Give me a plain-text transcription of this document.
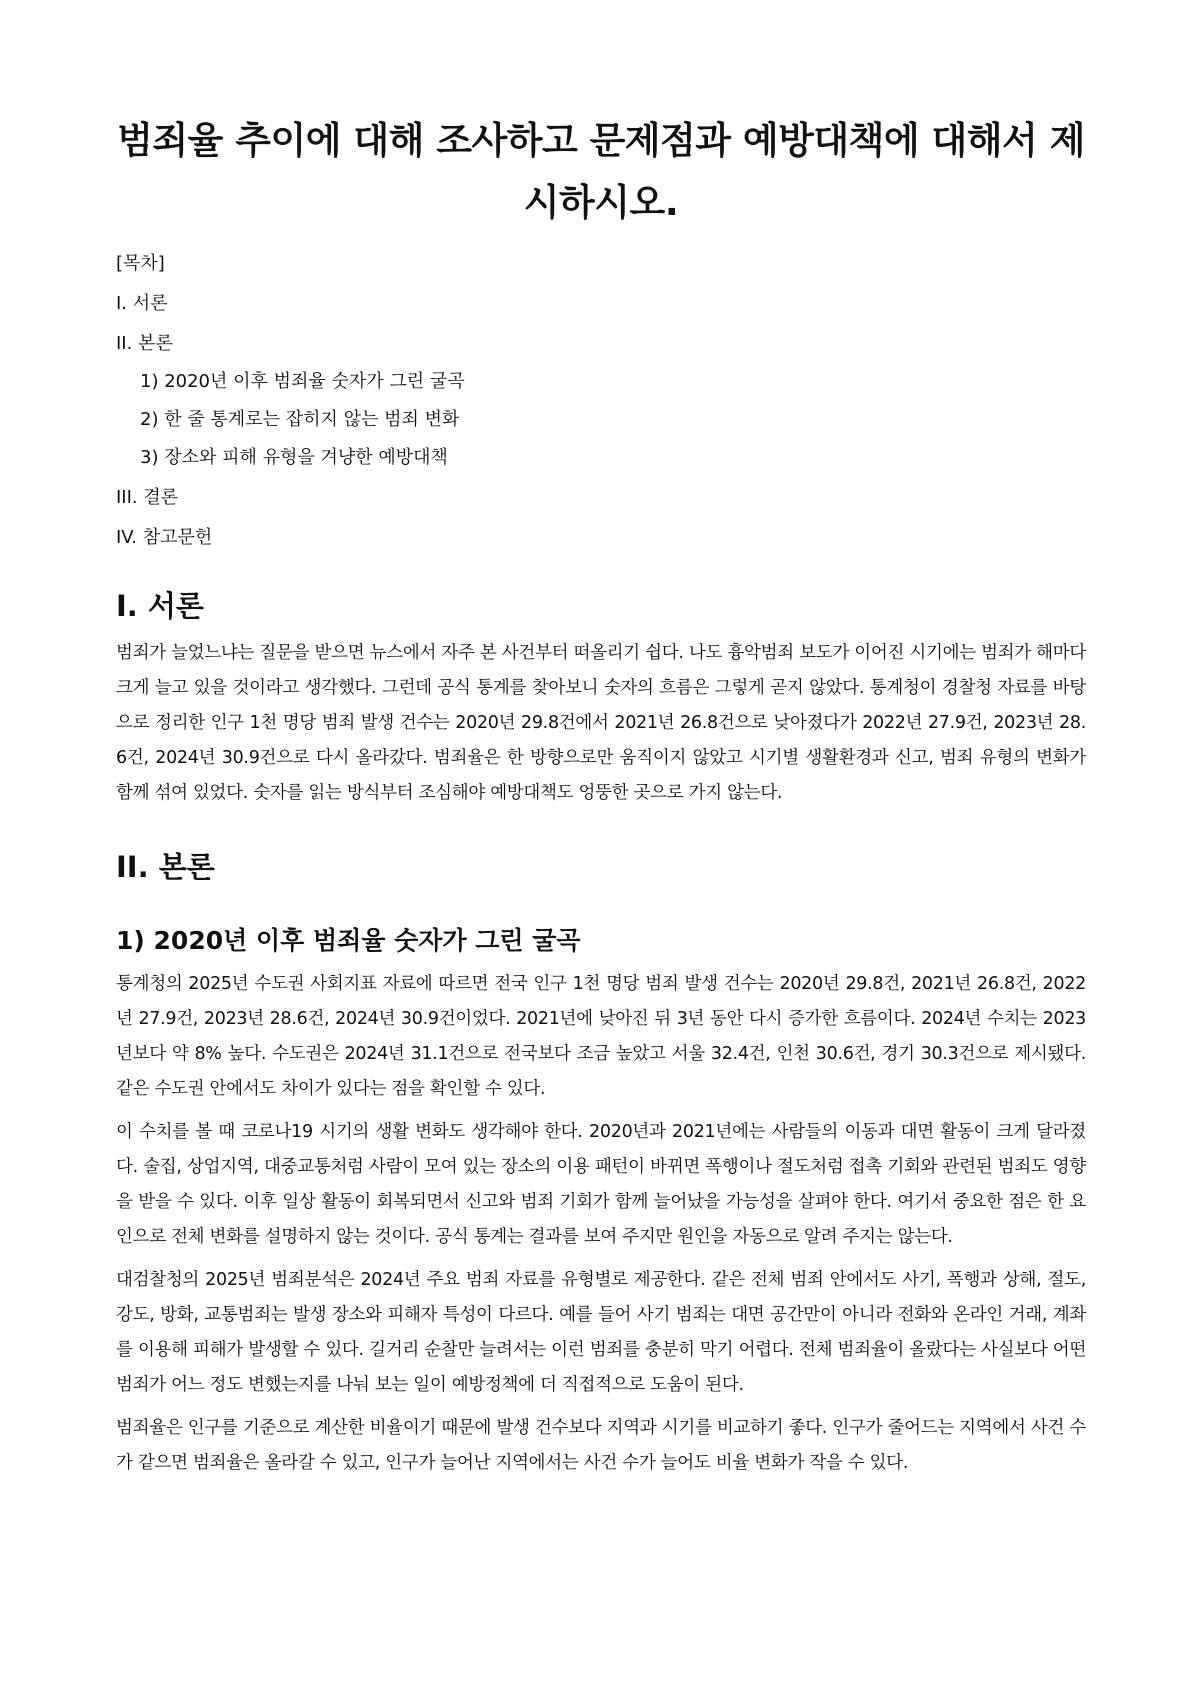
범죄율 추이에 대해 조사하고 문제점과 예방대책에 대해서 제시하시오.
[목차]
I. 서론
II. 본론
1) 2020년 이후 범죄율 숫자가 그린 굴곡
2) 한 줄 통계로는 잡히지 않는 범죄 변화
3) 장소와 피해 유형을 겨냥한 예방대책
III. 결론
IV. 참고문헌
I. 서론

범죄가 늘었느냐는 질문을 받으면 뉴스에서 자주 본 사건부터 떠올리기 쉽다. 나도 흉악범죄 보도가 이어진 시기에는 범죄가 해마다 크게 늘고 있을 것이라고 생각했다. 그런데 공식 통계를 찾아보니 숫자의 흐름은 그렇게 곧지 않았다. 통계청이 경찰청 자료를 바탕으로 정리한 인구 1천 명당 범죄 발생 건수는 2020년 29.8건에서 2021년 26.8건으로 낮아졌다가 2022년 27.9건, 2023년 28.6건, 2024년 30.9건으로 다시 올라갔다. 범죄율은 한 방향으로만 움직이지 않았고 시기별 생활환경과 신고, 범죄 유형의 변화가 함께 섞여 있었다. 숫자를 읽는 방식부터 조심해야 예방대책도 엉뚱한 곳으로 가지 않는다.

II. 본론
1) 2020년 이후 범죄율 숫자가 그린 굴곡

통계청의 2025년 수도권 사회지표 자료에 따르면 전국 인구 1천 명당 범죄 발생 건수는 2020년 29.8건, 2021년 26.8건, 2022년 27.9건, 2023년 28.6건, 2024년 30.9건이었다. 2021년에 낮아진 뒤 3년 동안 다시 증가한 흐름이다. 2024년 수치는 2023년보다 약 8% 높다. 수도권은 2024년 31.1건으로 전국보다 조금 높았고 서울 32.4건, 인천 30.6건, 경기 30.3건으로 제시됐다. 같은 수도권 안에서도 차이가 있다는 점을 확인할 수 있다.

이 수치를 볼 때 코로나19 시기의 생활 변화도 생각해야 한다. 2020년과 2021년에는 사람들의 이동과 대면 활동이 크게 달라졌다. 술집, 상업지역, 대중교통처럼 사람이 모여 있는 장소의 이용 패턴이 바뀌면 폭행이나 절도처럼 접촉 기회와 관련된 범죄도 영향을 받을 수 있다. 이후 일상 활동이 회복되면서 신고와 범죄 기회가 함께 늘어났을 가능성을 살펴야 한다. 여기서 중요한 점은 한 요인으로 전체 변화를 설명하지 않는 것이다. 공식 통계는 결과를 보여 주지만 원인을 자동으로 알려 주지는 않는다.

대검찰청의 2025년 범죄분석은 2024년 주요 범죄 자료를 유형별로 제공한다. 같은 전체 범죄 안에서도 사기, 폭행과 상해, 절도, 강도, 방화, 교통범죄는 발생 장소와 피해자 특성이 다르다. 예를 들어 사기 범죄는 대면 공간만이 아니라 전화와 온라인 거래, 계좌를 이용해 피해가 발생할 수 있다. 길거리 순찰만 늘려서는 이런 범죄를 충분히 막기 어렵다. 전체 범죄율이 올랐다는 사실보다 어떤 범죄가 어느 정도 변했는지를 나눠 보는 일이 예방정책에 더 직접적으로 도움이 된다.

범죄율은 인구를 기준으로 계산한 비율이기 때문에 발생 건수보다 지역과 시기를 비교하기 좋다. 인구가 줄어드는 지역에서 사건 수가 같으면 범죄율은 올라갈 수 있고, 인구가 늘어난 지역에서는 사건 수가 늘어도 비율 변화가 작을 수 있다.
